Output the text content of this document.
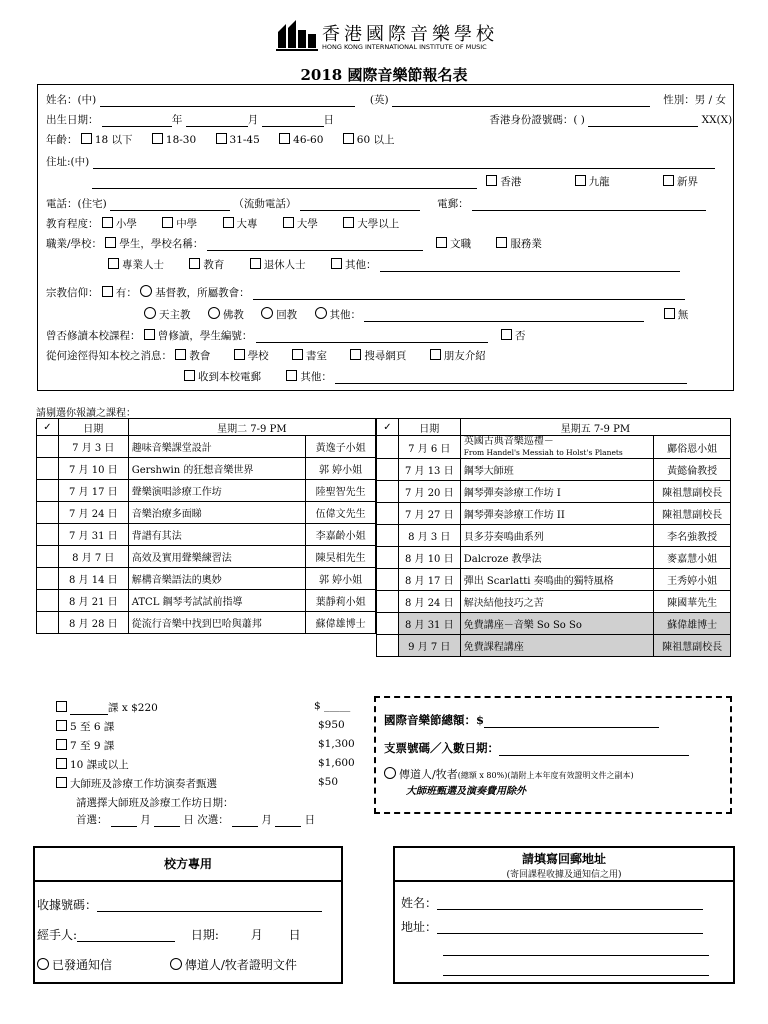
香港國際音樂學校
HONG KONG INTERNATIONAL INSTITUTE OF MUSIC
2018 國際音樂節報名表
姓名：(中)	(英)	性別：男 / 女
出生日期：	年	月	日	香港身份證號碼：( )	XX(X)
年齡： 18 以下	18-30	31-45	46-60	60 以上
住址:(中)
香港	九龍	新界
電話：(住宅)	（流動電話）	電郵：
教育程度： 小學	中學	大專	大學	大學以上
職業/學校： 學生，學校名稱：	文職	服務業
專業人士	教育	退休人士	其他：
宗教信仰： 有： 基督教，所屬教會：
天主教	佛教	回教	其他：	無
曾否修讀本校課程： 曾修讀，學生編號：	否
從何途徑得知本校之消息： 教會	學校	書室	搜尋網頁	朋友介紹
收到本校電郵	其他：
請剔選你報讀之課程：
✓	日期	星期二 7-9 PM	
	7 月 3 日	趣味音樂課堂設計	黃逸子小姐
	7 月 10 日	Gershwin 的狂想音樂世界	郭 婷小姐
	7 月 17 日	聲樂演唱診療工作坊	陸聖智先生
	7 月 24 日	音樂治療多面睇	伍偉文先生
	7 月 31 日	背譜有其法	李嘉齡小姐
	8 月 7 日	高效及實用聲樂練習法	陳昊相先生
	8 月 14 日	解構音樂語法的奧妙	郭 婷小姐
	8 月 21 日	ATCL 鋼琴考試試前指導	葉靜莉小姐
	8 月 28 日	從流行音樂中找到巴哈與蕭邦	蘇偉雄博士
✓	日期	星期五 7-9 PM	
	7 月 6 日	英國古典音樂巡禮－
From Handel's Messiah to Holst's Planets	鄺俗恩小姐
	7 月 13 日	鋼琴大師班	黃懿倫教授
	7 月 20 日	鋼琴彈奏診療工作坊 I	陳祖慧副校長
	7 月 27 日	鋼琴彈奏診療工作坊 II	陳祖慧副校長
	8 月 3 日	貝多芬奏鳴曲系列	李名強教授
	8 月 10 日	Dalcroze 教學法	麥嘉慧小姐
	8 月 17 日	彈出 Scarlatti 奏鳴曲的獨特風格	王秀婷小姐
	8 月 24 日	解決結他技巧之苦	陳國華先生
	8 月 31 日	免費講座－音樂 So So So	蘇偉雄博士
	9 月 7 日	免費課程講座	陳祖慧副校長
課 x $220	$ _____
5 至 6 課	$950
7 至 9 課	$1,300
10 課或以上	$1,600
大師班及診療工作坊演奏者甄選	$50
請選擇大師班及診療工作坊日期：
首選：	月	日 次選：	月	日
國際音樂節總額：$
支票號碼／入數日期：
傳道人/牧者(總額 x 80%)(請附上本年度有效證明文件之副本)
大師班甄選及演奏費用除外
校方專用
收據號碼：
經手人:	日期:	月 日
已發通知信	傳道人/牧者證明文件
請填寫回郵地址
(寄回課程收據及通知信之用)
姓名：
地址：
